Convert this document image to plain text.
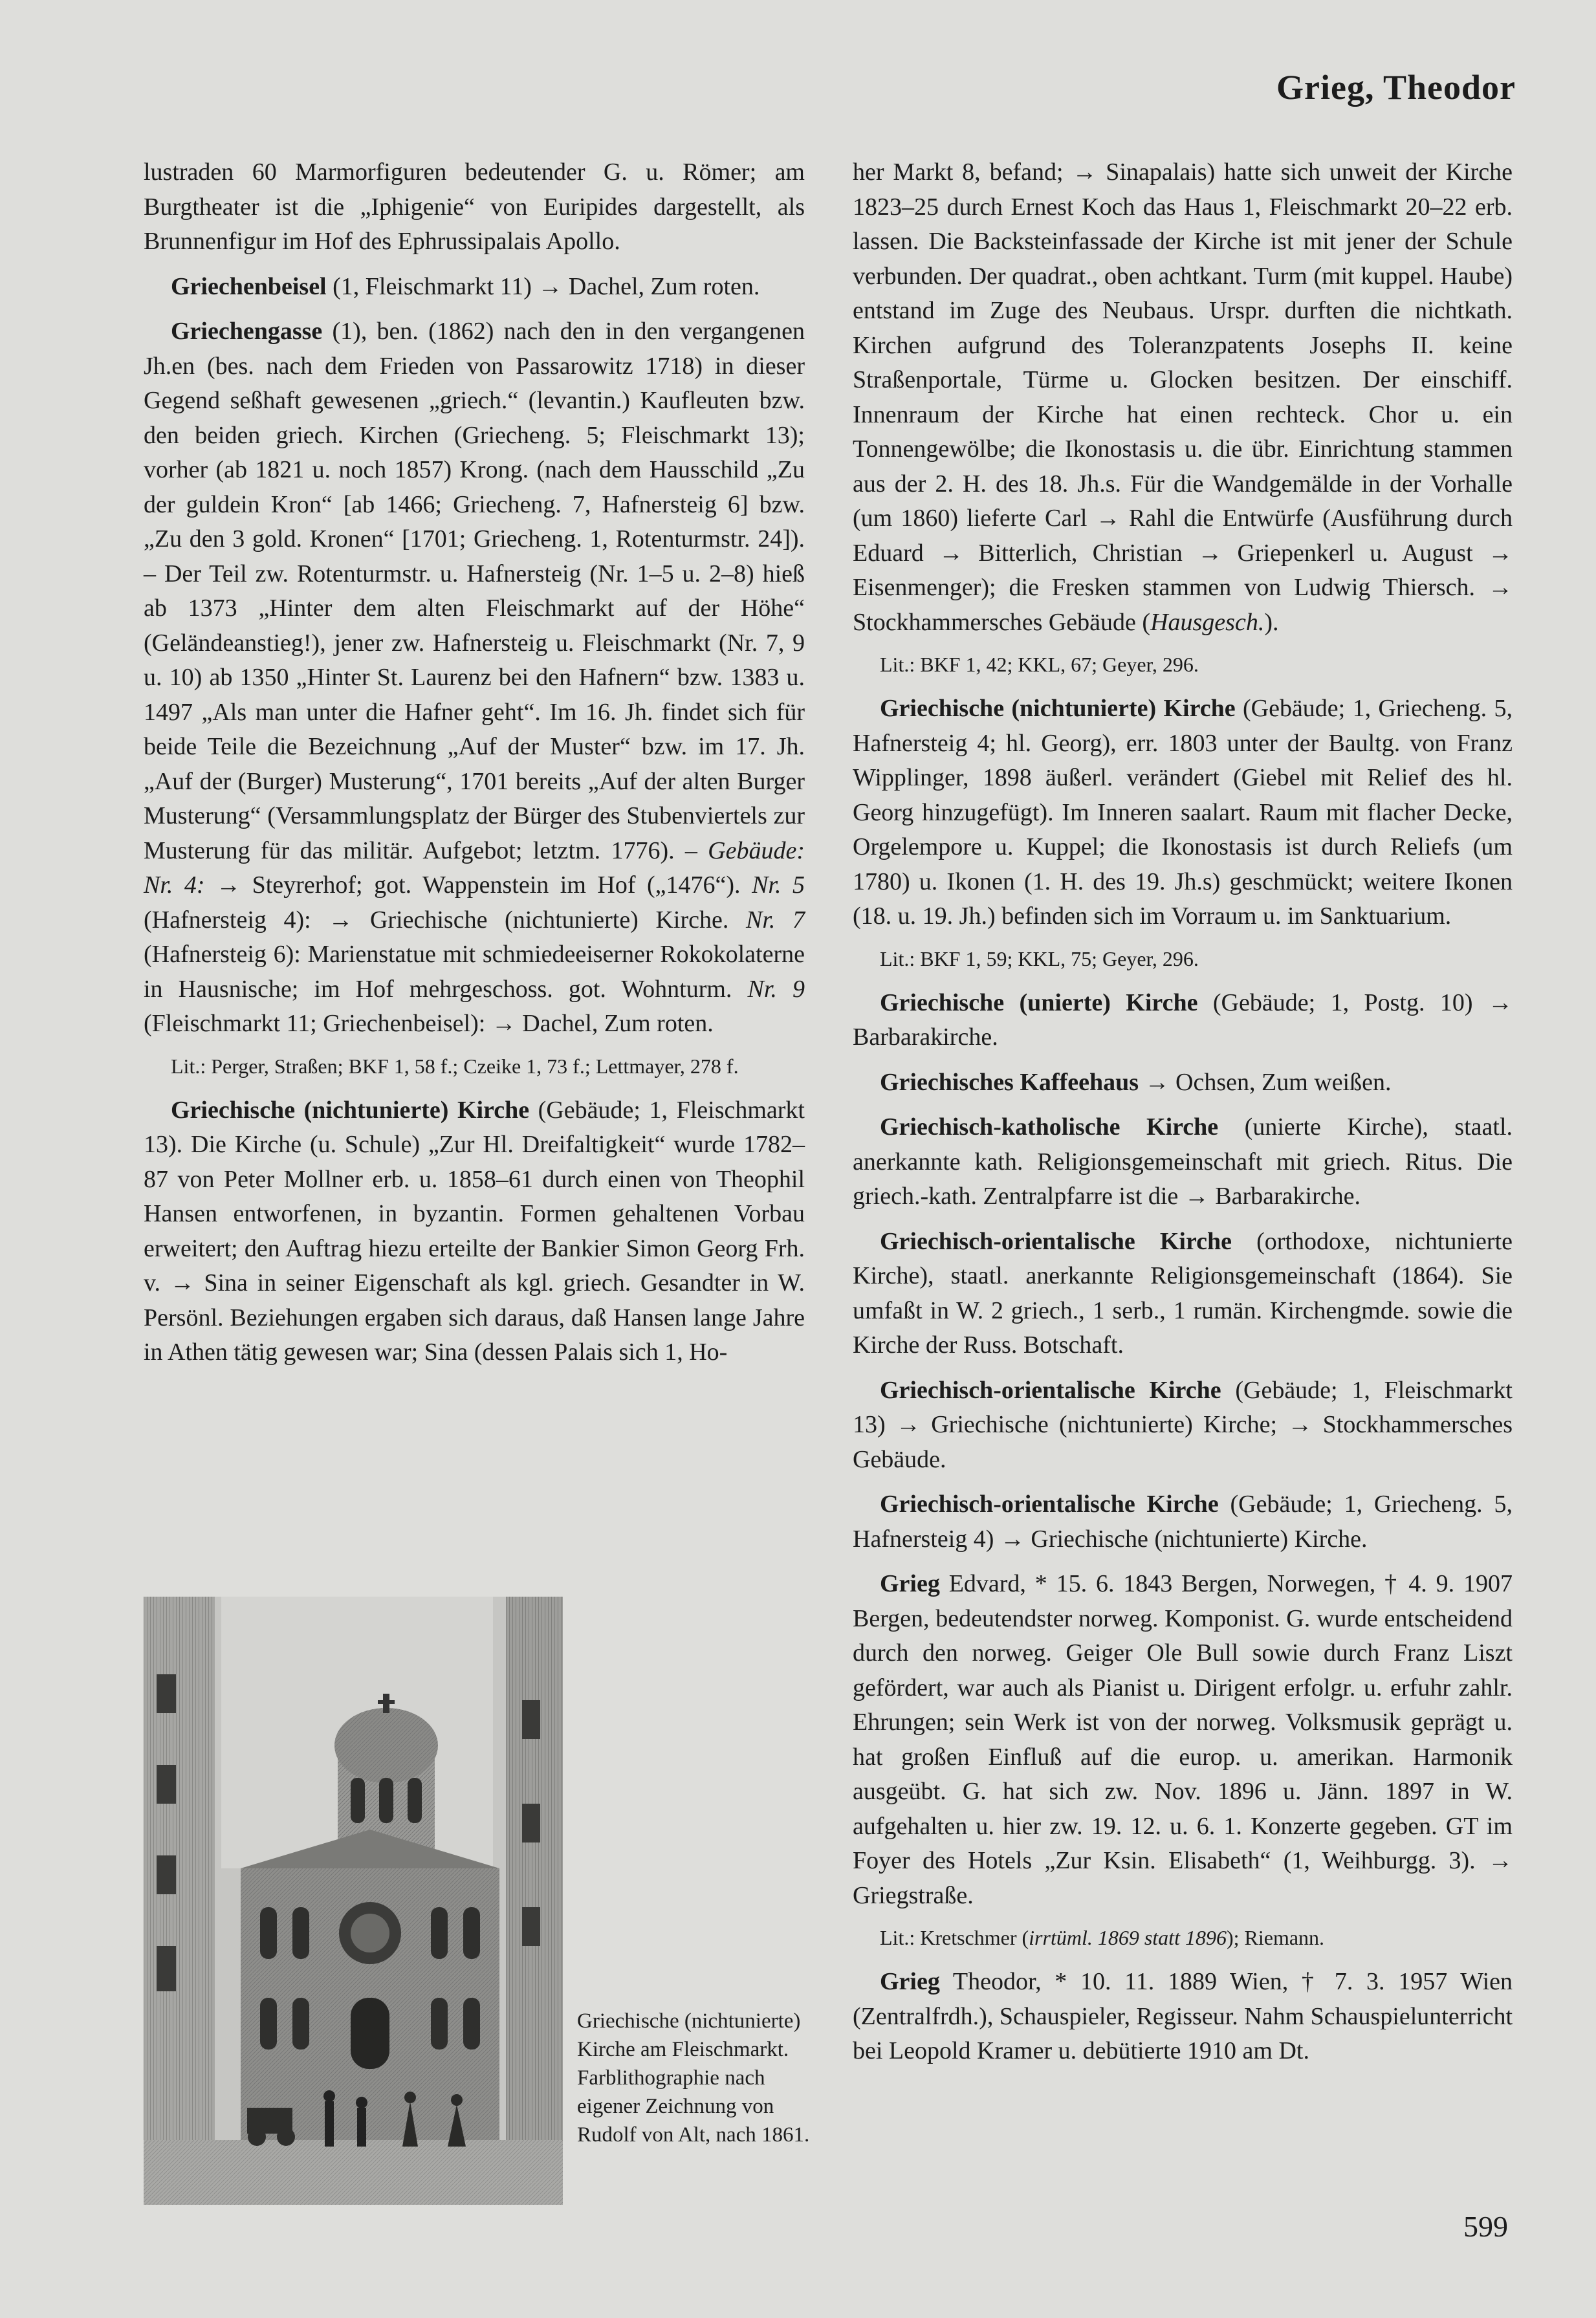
Grieg, Theodor

lustraden 60 Marmorfiguren bedeutender G. u. Römer; am Burgtheater ist die „Iphigenie“ von Euripides dargestellt, als Brunnenfigur im Hof des Ephrussipalais Apollo.

Griechenbeisel (1, Fleischmarkt 11) → Dachel, Zum roten.

Griechengasse (1), ben. (1862) nach den in den vergangenen Jh.en (bes. nach dem Frieden von Passarowitz 1718) in dieser Gegend seßhaft gewesenen „griech.“ (levantin.) Kaufleuten bzw. den beiden griech. Kirchen (Griecheng. 5; Fleischmarkt 13); vorher (ab 1821 u. noch 1857) Krong. (nach dem Hausschild „Zu der guldein Kron“ [ab 1466; Griecheng. 7, Hafnersteig 6] bzw. „Zu den 3 gold. Kronen“ [1701; Griecheng. 1, Rotenturmstr. 24]). – Der Teil zw. Rotenturmstr. u. Hafnersteig (Nr. 1–5 u. 2–8) hieß ab 1373 „Hinter dem alten Fleischmarkt auf der Höhe“ (Geländeanstieg!), jener zw. Hafnersteig u. Fleischmarkt (Nr. 7, 9 u. 10) ab 1350 „Hinter St. Laurenz bei den Hafnern“ bzw. 1383 u. 1497 „Als man unter die Hafner geht“. Im 16. Jh. findet sich für beide Teile die Bezeichnung „Auf der Muster“ bzw. im 17. Jh. „Auf der (Burger) Musterung“, 1701 bereits „Auf der alten Burger Musterung“ (Versammlungsplatz der Bürger des Stubenviertels zur Musterung für das militär. Aufgebot; letztm. 1776). – Gebäude: Nr. 4: → Steyrerhof; got. Wappenstein im Hof („1476“). Nr. 5 (Hafnersteig 4): → Griechische (nichtunierte) Kirche. Nr. 7 (Hafnersteig 6): Marienstatue mit schmiedeeiserner Rokokolaterne in Hausnische; im Hof mehrgeschoss. got. Wohnturm. Nr. 9 (Fleischmarkt 11; Griechenbeisel): → Dachel, Zum roten.

Lit.: Perger, Straßen; BKF 1, 58 f.; Czeike 1, 73 f.; Lettmayer, 278 f.

Griechische (nichtunierte) Kirche (Gebäude; 1, Fleischmarkt 13). Die Kirche (u. Schule) „Zur Hl. Dreifaltigkeit“ wurde 1782–87 von Peter Mollner erb. u. 1858–61 durch einen von Theophil Hansen entworfenen, in byzantin. Formen gehaltenen Vorbau erweitert; den Auftrag hiezu erteilte der Bankier Simon Georg Frh. v. → Sina in seiner Eigenschaft als kgl. griech. Gesandter in W. Persönl. Beziehungen ergaben sich daraus, daß Hansen lange Jahre in Athen tätig gewesen war; Sina (dessen Palais sich 1, Ho-

Griechische (nichtunierte) Kirche am Fleischmarkt. Farblithographie nach eigener Zeichnung von Rudolf von Alt, nach 1861.

her Markt 8, befand; → Sinapalais) hatte sich unweit der Kirche 1823–25 durch Ernest Koch das Haus 1, Fleischmarkt 20–22 erb. lassen. Die Backsteinfassade der Kirche ist mit jener der Schule verbunden. Der quadrat., oben achtkant. Turm (mit kuppel. Haube) entstand im Zuge des Neubaus. Urspr. durften die nichtkath. Kirchen aufgrund des Toleranzpatents Josephs II. keine Straßenportale, Türme u. Glocken besitzen. Der einschiff. Innenraum der Kirche hat einen rechteck. Chor u. ein Tonnengewölbe; die Ikonostasis u. die übr. Einrichtung stammen aus der 2. H. des 18. Jh.s. Für die Wandgemälde in der Vorhalle (um 1860) lieferte Carl → Rahl die Entwürfe (Ausführung durch Eduard → Bitterlich, Christian → Griepenkerl u. August → Eisenmenger); die Fresken stammen von Ludwig Thiersch. → Stockhammersches Gebäude (Hausgesch.).

Lit.: BKF 1, 42; KKL, 67; Geyer, 296.

Griechische (nichtunierte) Kirche (Gebäude; 1, Griecheng. 5, Hafnersteig 4; hl. Georg), err. 1803 unter der Baultg. von Franz Wipplinger, 1898 äußerl. verändert (Giebel mit Relief des hl. Georg hinzugefügt). Im Inneren saalart. Raum mit flacher Decke, Orgelempore u. Kuppel; die Ikonostasis ist durch Reliefs (um 1780) u. Ikonen (1. H. des 19. Jh.s) geschmückt; weitere Ikonen (18. u. 19. Jh.) befinden sich im Vorraum u. im Sanktuarium.

Lit.: BKF 1, 59; KKL, 75; Geyer, 296.

Griechische (unierte) Kirche (Gebäude; 1, Postg. 10) → Barbarakirche.

Griechisches Kaffeehaus → Ochsen, Zum weißen.

Griechisch-katholische Kirche (unierte Kirche), staatl. anerkannte kath. Religionsgemeinschaft mit griech. Ritus. Die griech.-kath. Zentralpfarre ist die → Barbarakirche.

Griechisch-orientalische Kirche (orthodoxe, nichtunierte Kirche), staatl. anerkannte Religionsgemeinschaft (1864). Sie umfaßt in W. 2 griech., 1 serb., 1 rumän. Kirchengmde. sowie die Kirche der Russ. Botschaft.

Griechisch-orientalische Kirche (Gebäude; 1, Fleischmarkt 13) → Griechische (nichtunierte) Kirche; → Stockhammersches Gebäude.

Griechisch-orientalische Kirche (Gebäude; 1, Griecheng. 5, Hafnersteig 4) → Griechische (nichtunierte) Kirche.

Grieg Edvard, * 15. 6. 1843 Bergen, Norwegen, † 4. 9. 1907 Bergen, bedeutendster norweg. Komponist. G. wurde entscheidend durch den norweg. Geiger Ole Bull sowie durch Franz Liszt gefördert, war auch als Pianist u. Dirigent erfolgr. u. erfuhr zahlr. Ehrungen; sein Werk ist von der norweg. Volksmusik geprägt u. hat großen Einfluß auf die europ. u. amerikan. Harmonik ausgeübt. G. hat sich zw. Nov. 1896 u. Jänn. 1897 in W. aufgehalten u. hier zw. 19. 12. u. 6. 1. Konzerte gegeben. GT im Foyer des Hotels „Zur Ksin. Elisabeth“ (1, Weihburgg. 3). → Griegstraße.

Lit.: Kretschmer (irrtüml. 1869 statt 1896); Riemann.

Grieg Theodor, * 10. 11. 1889 Wien, † 7. 3. 1957 Wien (Zentralfrdh.), Schauspieler, Regisseur. Nahm Schauspielunterricht bei Leopold Kramer u. debütierte 1910 am Dt.

599
